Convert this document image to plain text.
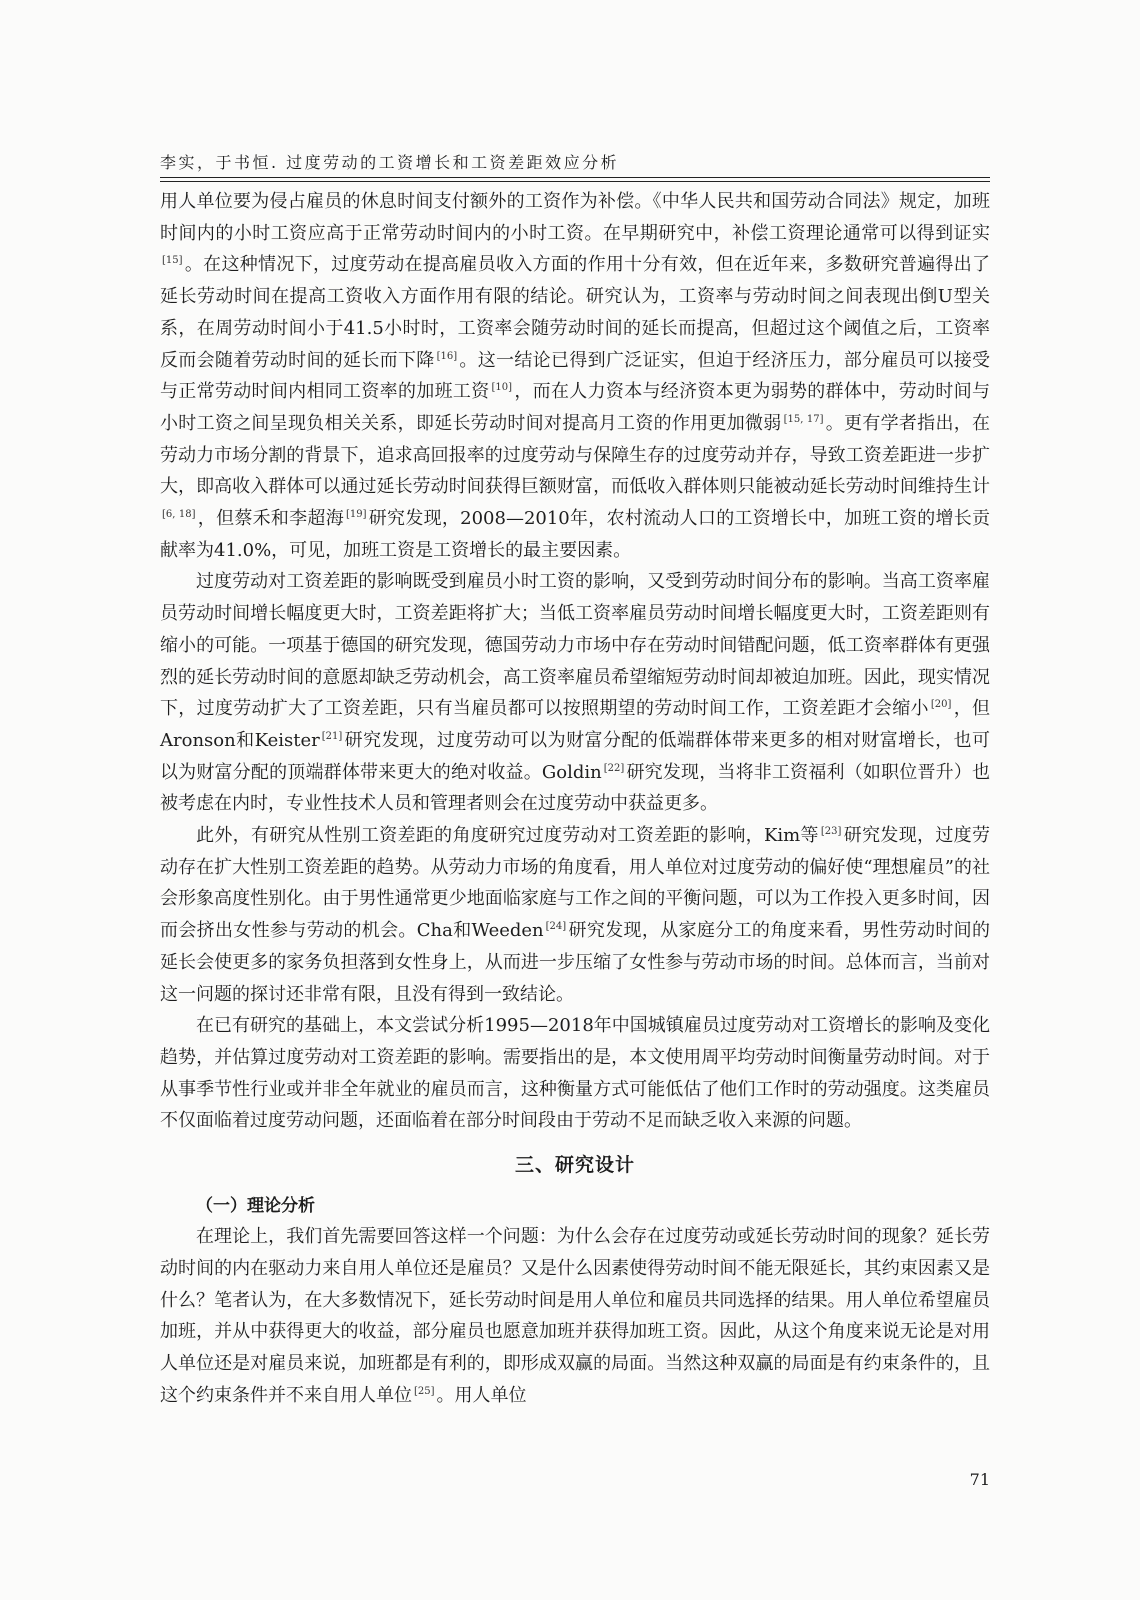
李实，于书恒. 过度劳动的工资增长和工资差距效应分析

用人单位要为侵占雇员的休息时间支付额外的工资作为补偿。《中华人民共和国劳动合同法》规定，加班时间内的小时工资应高于正常劳动时间内的小时工资。在早期研究中，补偿工资理论通常可以得到证实[15] 。在这种情况下，过度劳动在提高雇员收入方面的作用十分有效，但在近年来，多数研究普遍得出了延长劳动时间在提高工资收入方面作用有限的结论。研究认为，工资率与劳动时间之间表现出倒U型关系，在周劳动时间小于41.5小时时，工资率会随劳动时间的延长而提高，但超过这个阈值之后，工资率反而会随着劳动时间的延长而下降 [16] 。这一结论已得到广泛证实，但迫于经济压力，部分雇员可以接受与正常劳动时间内相同工资率的加班工资 [10] ，而在人力资本与经济资本更为弱势的群体中，劳动时间与小时工资之间呈现负相关关系，即延长劳动时间对提高月工资的作用更加微弱 [15, 17] 。更有学者指出，在劳动力市场分割的背景下，追求高回报率的过度劳动与保障生存的过度劳动并存，导致工资差距进一步扩大，即高收入群体可以通过延长劳动时间获得巨额财富，而低收入群体则只能被动延长劳动时间维持生计[6, 18] ，但蔡禾和李超海 [19] 研究发现，2008—2010年，农村流动人口的工资增长中，加班工资的增长贡献率为41.0%，可见，加班工资是工资增长的最主要因素。

过度劳动对工资差距的影响既受到雇员小时工资的影响，又受到劳动时间分布的影响。当高工资率雇员劳动时间增长幅度更大时，工资差距将扩大；当低工资率雇员劳动时间增长幅度更大时，工资差距则有缩小的可能。一项基于德国的研究发现，德国劳动力市场中存在劳动时间错配问题，低工资率群体有更强烈的延长劳动时间的意愿却缺乏劳动机会，高工资率雇员希望缩短劳动时间却被迫加班。因此，现实情况下，过度劳动扩大了工资差距，只有当雇员都可以按照期望的劳动时间工作，工资差距才会缩小 [20] ，但Aronson和Keister [21] 研究发现，过度劳动可以为财富分配的低端群体带来更多的相对财富增长，也可以为财富分配的顶端群体带来更大的绝对收益。Goldin [22] 研究发现，当将非工资福利（如职位晋升）也被考虑在内时，专业性技术人员和管理者则会在过度劳动中获益更多。

此外，有研究从性别工资差距的角度研究过度劳动对工资差距的影响，Kim等 [23] 研究发现，过度劳动存在扩大性别工资差距的趋势。从劳动力市场的角度看，用人单位对过度劳动的偏好使“理想雇员”的社会形象高度性别化。由于男性通常更少地面临家庭与工作之间的平衡问题，可以为工作投入更多时间，因而会挤出女性参与劳动的机会。Cha和Weeden [24] 研究发现，从家庭分工的角度来看，男性劳动时间的延长会使更多的家务负担落到女性身上，从而进一步压缩了女性参与劳动市场的时间。总体而言，当前对这一问题的探讨还非常有限，且没有得到一致结论。

在已有研究的基础上，本文尝试分析1995—2018年中国城镇雇员过度劳动对工资增长的影响及变化趋势，并估算过度劳动对工资差距的影响。需要指出的是，本文使用周平均劳动时间衡量劳动时间。对于从事季节性行业或并非全年就业的雇员而言，这种衡量方式可能低估了他们工作时的劳动强度。这类雇员不仅面临着过度劳动问题，还面临着在部分时间段由于劳动不足而缺乏收入来源的问题。

三、研究设计
（一）理论分析

在理论上，我们首先需要回答这样一个问题：为什么会存在过度劳动或延长劳动时间的现象？延长劳动时间的内在驱动力来自用人单位还是雇员？又是什么因素使得劳动时间不能无限延长，其约束因素又是什么？笔者认为，在大多数情况下，延长劳动时间是用人单位和雇员共同选择的结果。用人单位希望雇员加班，并从中获得更大的收益，部分雇员也愿意加班并获得加班工资。因此，从这个角度来说无论是对用人单位还是对雇员来说，加班都是有利的，即形成双赢的局面。当然这种双赢的局面是有约束条件的，且这个约束条件并不来自用人单位 [25] 。用人单位

71
